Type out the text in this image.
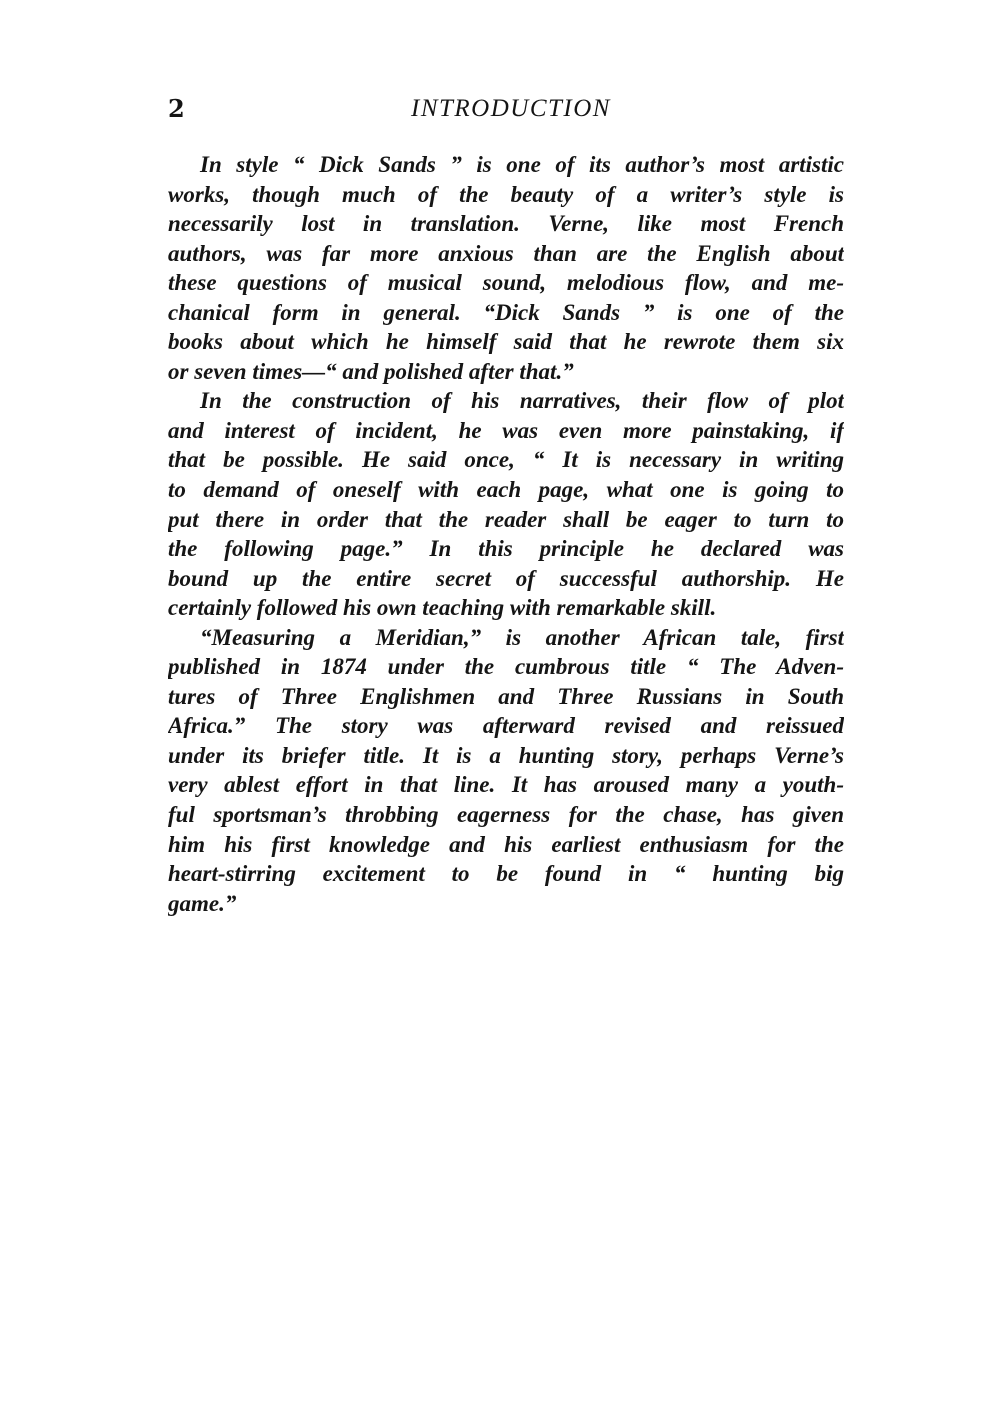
2	INTRODUCTION
In style “ Dick Sands ” is one of its author’s most artistic
works, though much of the beauty of a writer’s style is
necessarily lost in translation. Verne, like most French
authors, was far more anxious than are the English about
these questions of musical sound, melodious flow, and me-
chanical form in general. “Dick Sands ” is one of the
books about which he himself said that he rewrote them six
or seven times—“ and polished after that.”
In the construction of his narratives, their flow of plot
and interest of incident, he was even more painstaking, if
that be possible. He said once, “ It is necessary in writing
to demand of oneself with each page, what one is going to
put there in order that the reader shall be eager to turn to
the following page.” In this principle he declared was
bound up the entire secret of successful authorship. He
certainly followed his own teaching with remarkable skill.
“Measuring a Meridian,” is another African tale, first
published in 1874 under the cumbrous title “ The Adven-
tures of Three Englishmen and Three Russians in South
Africa.” The story was afterward revised and reissued
under its briefer title. It is a hunting story, perhaps Verne’s
very ablest effort in that line. It has aroused many a youth-
ful sportsman’s throbbing eagerness for the chase, has given
him his first knowledge and his earliest enthusiasm for the
heart-stirring excitement to be found in “ hunting big
game.”
